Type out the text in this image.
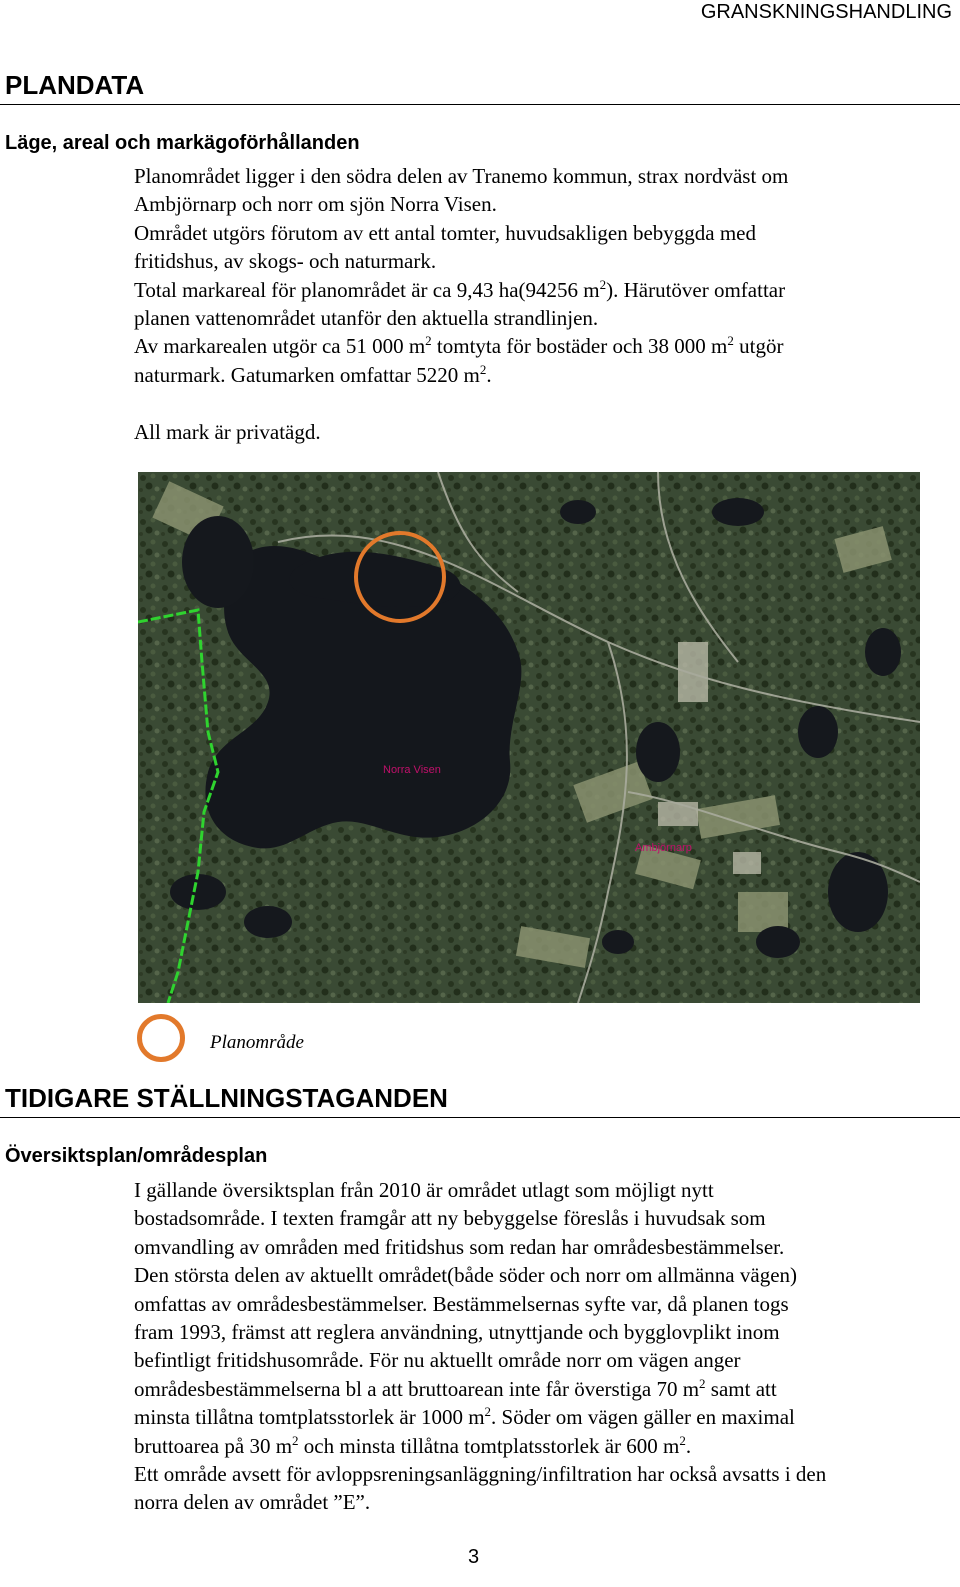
GRANSKNINGSHANDLING
PLANDATA
Läge, areal och markägoförhållanden
Planområdet ligger i den södra delen av Tranemo kommun, strax nordväst om
Ambjörnarp och norr om sjön Norra Visen.
Området utgörs förutom av ett antal tomter, huvudsakligen bebyggda med
fritidshus, av skogs- och naturmark.
Total markareal för planområdet är ca 9,43 ha(94256 $m^2$). Härutöver omfattar
planen vattenområdet utanför den aktuella strandlinjen.
Av markarealen utgör ca 51 000 $m^2$ tomtyta för bostäder och 38 000 $m^2$ utgör
naturmark. Gatumarken omfattar 5220 $m^2$.

All mark är privatägd.

Norra Visen
Ambjörnarp
Planområde
TIDIGARE STÄLLNINGSTAGANDEN
Översiktsplan/områdesplan
I gällande översiktsplan från 2010 är området utlagt som möjligt nytt
bostadsområde. I texten framgår att ny bebyggelse föreslås i huvudsak som
omvandling av områden med fritidshus som redan har områdesbestämmelser.
Den största delen av aktuellt området(både söder och norr om allmänna vägen)
omfattas av områdesbestämmelser. Bestämmelsernas syfte var, då planen togs
fram 1993, främst att reglera användning, utnyttjande och bygglovplikt inom
befintligt fritidshusområde. För nu aktuellt område norr om vägen anger
områdesbestämmelserna bl a att bruttoarean inte får överstiga 70 $m^2$ samt att
minsta tillåtna tomtplatsstorlek är 1000 $m^2$. Söder om vägen gäller en maximal
bruttoarea på 30 $m^2$ och minsta tillåtna tomtplatsstorlek är 600 $m^2$.
Ett område avsett för avloppsreningsanläggning/infiltration har också avsatts i den
norra delen av området ”E”.
3
